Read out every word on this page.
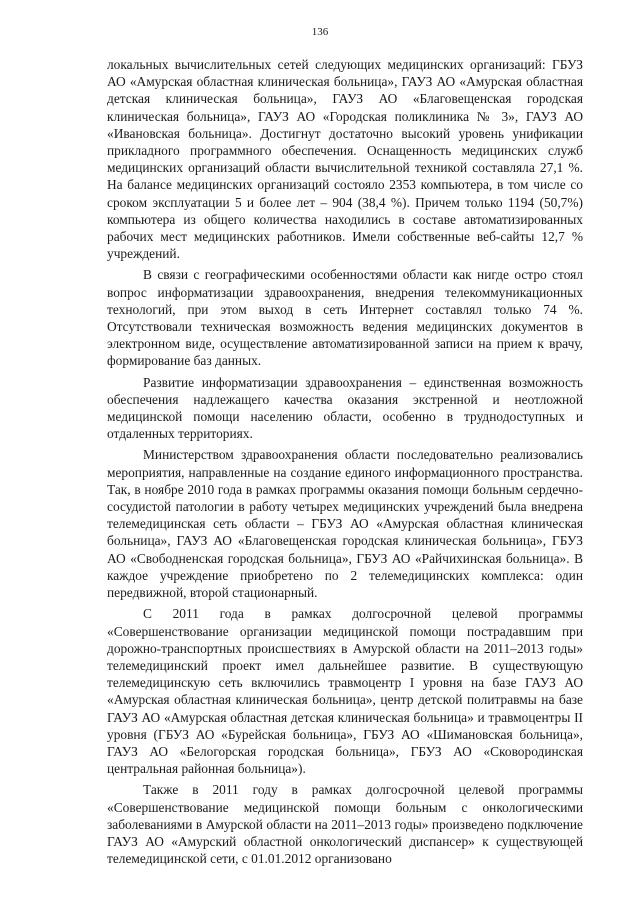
136

локальных вычислительных сетей следующих медицинских организаций: ГБУЗ АО «Амурская областная клиническая больница», ГАУЗ АО «Амурская областная детская клиническая больница», ГАУЗ АО «Благовещенская городская клиническая больница», ГАУЗ АО «Городская поликлиника № 3», ГАУЗ АО «Ивановская больница». Достигнут достаточно высокий уровень унификации прикладного программного обеспечения. Оснащенность медицинских служб медицинских организаций области вычислительной техникой составляла 27,1 %. На балансе медицинских организаций состояло 2353 компьютера, в том числе со сроком эксплуатации 5 и более лет – 904 (38,4 %). Причем только 1194 (50,7%) компьютера из общего количества находились в составе автоматизированных рабочих мест медицинских работников. Имели собственные веб-сайты 12,7 % учреждений.

В связи с географическими особенностями области как нигде остро стоял вопрос информатизации здравоохранения, внедрения телекоммуникационных технологий, при этом выход в сеть Интернет составлял только 74 %. Отсутствовали техническая возможность ведения медицинских документов в электронном виде, осуществление автоматизированной записи на прием к врачу, формирование баз данных.

Развитие информатизации здравоохранения – единственная возможность обеспечения надлежащего качества оказания экстренной и неотложной медицинской помощи населению области, особенно в труднодоступных и отдаленных территориях.

Министерством здравоохранения области последовательно реализовались мероприятия, направленные на создание единого информационного пространства. Так, в ноябре 2010 года в рамках программы оказания помощи больным сердечно-сосудистой патологии в работу четырех медицинских учреждений была внедрена телемедицинская сеть области – ГБУЗ АО «Амурская областная клиническая больница», ГАУЗ АО «Благовещенская городская клиническая больница», ГБУЗ АО «Свободненская городская больница», ГБУЗ АО «Райчихинская больница». В каждое учреждение приобретено по 2 телемедицинских комплекса: один передвижной, второй стационарный.

С 2011 года в рамках долгосрочной целевой программы «Совершенствование организации медицинской помощи пострадавшим при дорожно-транспортных происшествиях в Амурской области на 2011–2013 годы» телемедицинский проект имел дальнейшее развитие. В существующую телемедицинскую сеть включились травмоцентр I уровня на базе ГАУЗ АО «Амурская областная клиническая больница», центр детской политравмы на базе ГАУЗ АО «Амурская областная детская клиническая больница» и травмоцентры II уровня (ГБУЗ АО «Бурейская больница», ГБУЗ АО «Шимановская больница», ГАУЗ АО «Белогорская городская больница», ГБУЗ АО «Сковородинская центральная районная больница»).

Также в 2011 году в рамках долгосрочной целевой программы «Совершенствование медицинской помощи больным с онкологическими заболеваниями в Амурской области на 2011–2013 годы» произведено подключение ГАУЗ АО «Амурский областной онкологический диспансер» к существующей телемедицинской сети, с 01.01.2012 организовано
